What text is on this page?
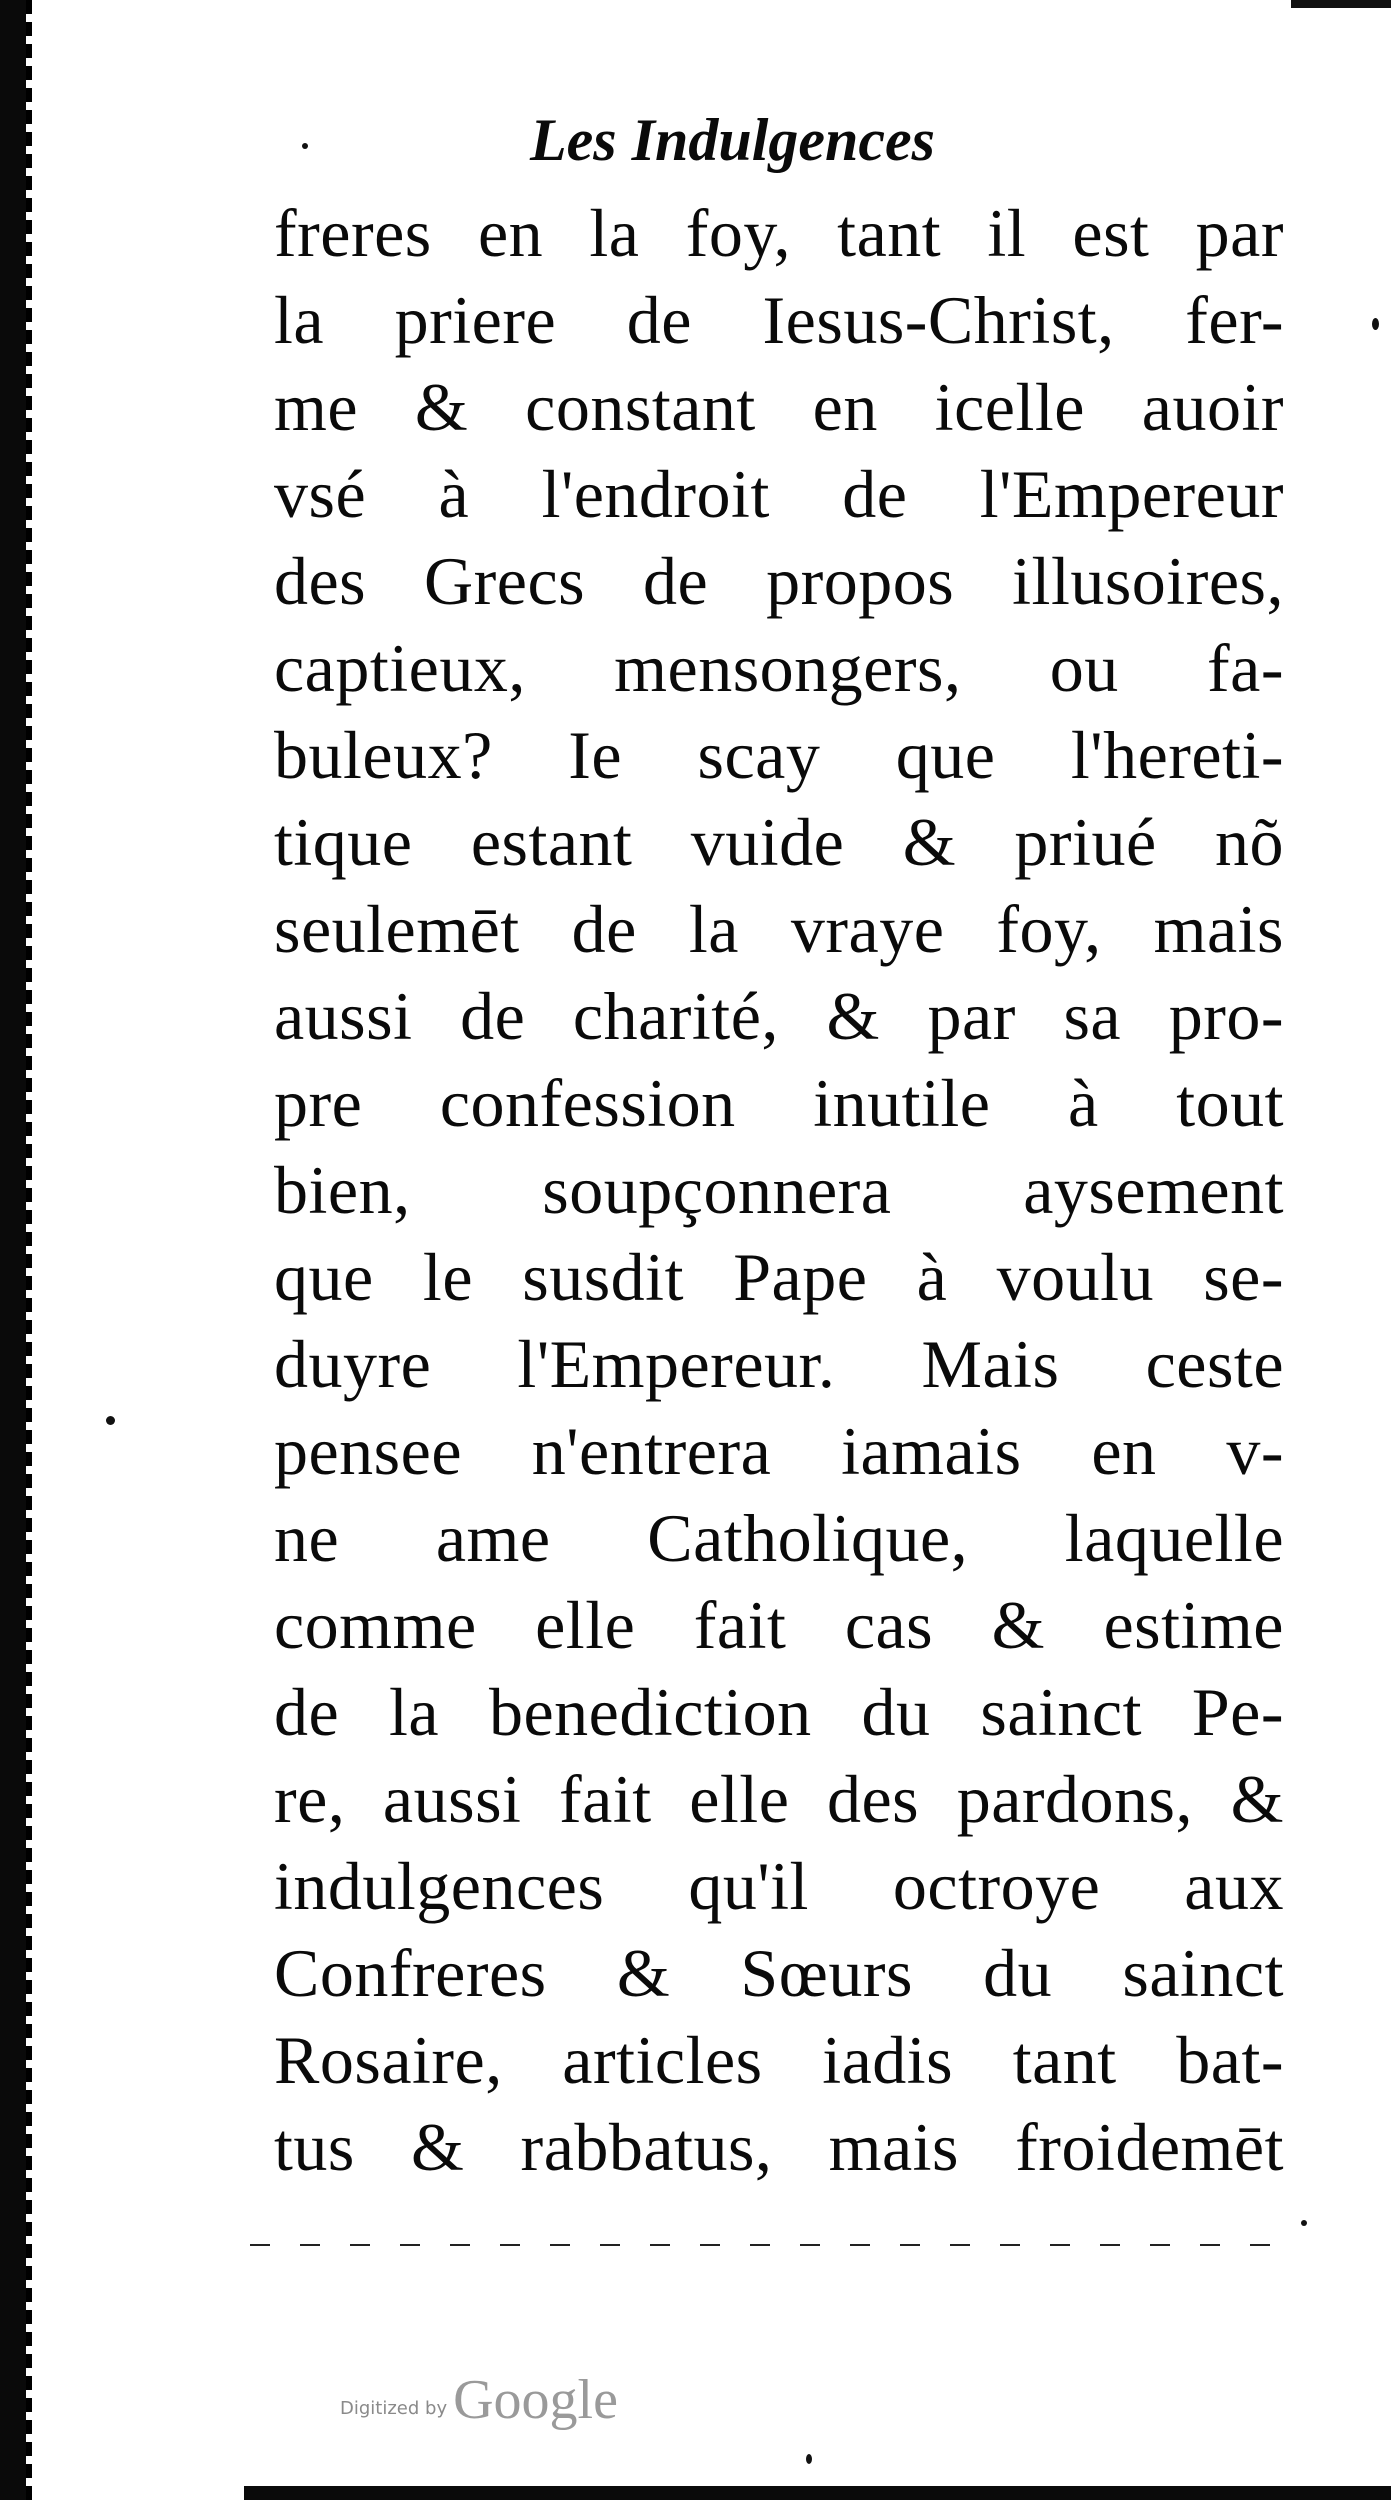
Les Indulgences
freres en la foy, tant il est par
la priere de Iesus-Christ, fer-
me & constant en icelle auoir
vsé à l'endroit de l'Empereur
des Grecs de propos illusoires,
captieux, mensongers, ou fa-
buleux? Ie scay que l'hereti-
tique estant vuide & priué nõ
seulemēt de la vraye foy, mais
aussi de charité, & par sa pro-
pre confession inutile à tout
bien, soupçonnera aysement
que le susdit Pape à voulu se-
duyre l'Empereur. Mais ceste
pensee n'entrera iamais en v-
ne ame Catholique, laquelle
comme elle fait cas & estime
de la benediction du sainct Pe-
re, aussi fait elle des pardons, &
indulgences qu'il octroye aux
Confreres & Sœurs du sainct
Rosaire, articles iadis tant bat-
tus & rabbatus, mais froidemēt
Digitized by Google
